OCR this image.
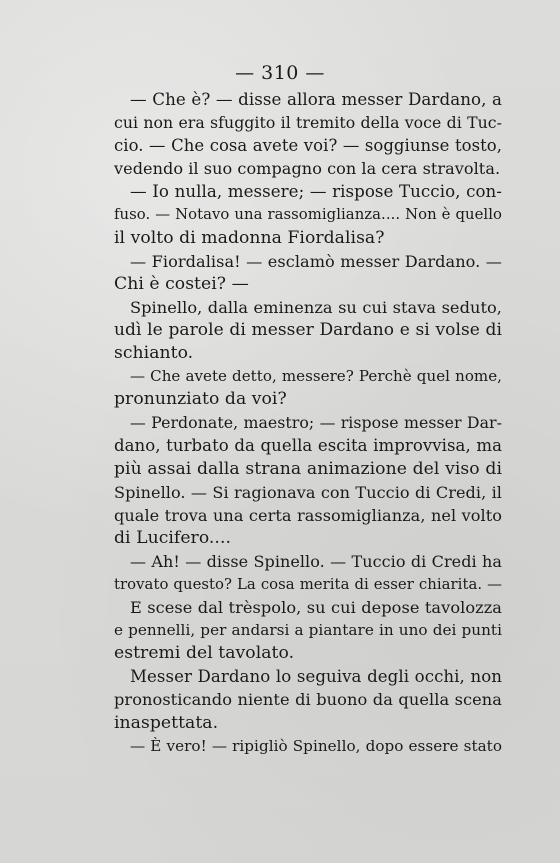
— 310 —
— Che è? — disse allora messer Dardano, a
cui non era sfuggito il tremito della voce di Tuc-
cio. — Che cosa avete voi? — soggiunse tosto,
vedendo il suo compagno con la cera stravolta.
— Io nulla, messere; — rispose Tuccio, con-
fuso. — Notavo una rassomiglianza.... Non è quello
il volto di madonna Fiordalisa?
— Fiordalisa! — esclamò messer Dardano. —
Chi è costei? —
Spinello, dalla eminenza su cui stava seduto,
udì le parole di messer Dardano e si volse di
schianto.
— Che avete detto, messere? Perchè quel nome,
pronunziato da voi?
— Perdonate, maestro; — rispose messer Dar-
dano, turbato da quella escita improvvisa, ma
più assai dalla strana animazione del viso di
Spinello. — Si ragionava con Tuccio di Credi, il
quale trova una certa rassomiglianza, nel volto
di Lucifero....
— Ah! — disse Spinello. — Tuccio di Credi ha
trovato questo? La cosa merita di esser chiarita. —
E scese dal trèspolo, su cui depose tavolozza
e pennelli, per andarsi a piantare in uno dei punti
estremi del tavolato.
Messer Dardano lo seguiva degli occhi, non
pronosticando niente di buono da quella scena
inaspettata.
— È vero! — ripigliò Spinello, dopo essere stato
